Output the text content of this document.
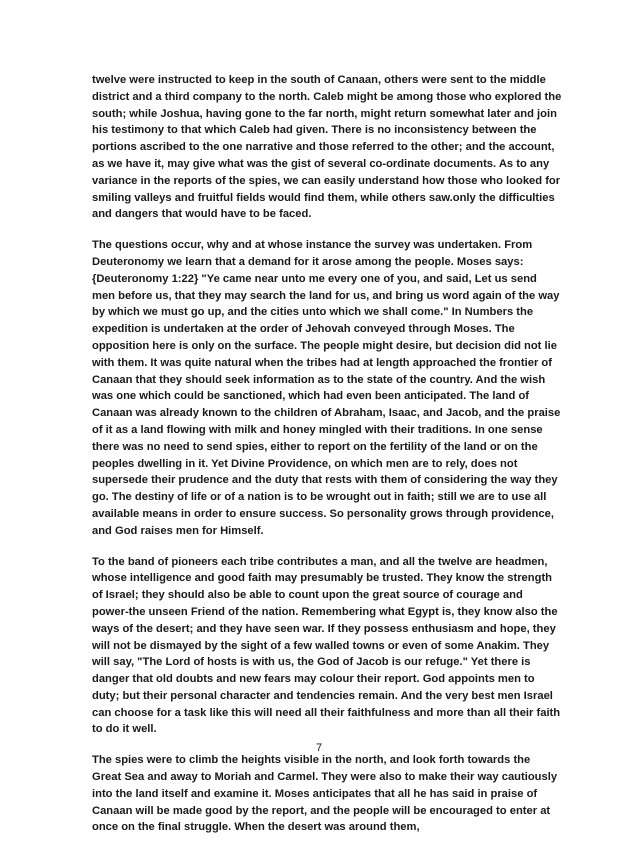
twelve were instructed to keep in the south of Canaan, others were sent to the middle district and a third company to the north. Caleb might be among those who explored the south; while Joshua, having gone to the far north, might return somewhat later and join his testimony to that which Caleb had given. There is no inconsistency between the portions ascribed to the one narrative and those referred to the other; and the account, as we have it, may give what was the gist of several co-ordinate documents. As to any variance in the reports of the spies, we can easily understand how those who looked for smiling valleys and fruitful fields would find them, while others saw.only the difficulties and dangers that would have to be faced.

The questions occur, why and at whose instance the survey was undertaken. From Deuteronomy we learn that a demand for it arose among the people. Moses says: {Deuteronomy 1:22} "Ye came near unto me every one of you, and said, Let us send men before us, that they may search the land for us, and bring us word again of the way by which we must go up, and the cities unto which we shall come." In Numbers the expedition is undertaken at the order of Jehovah conveyed through Moses. The opposition here is only on the surface. The people might desire, but decision did not lie with them. It was quite natural when the tribes had at length approached the frontier of Canaan that they should seek information as to the state of the country. And the wish was one which could be sanctioned, which had even been anticipated. The land of Canaan was already known to the children of Abraham, Isaac, and Jacob, and the praise of it as a land flowing with milk and honey mingled with their traditions. In one sense there was no need to send spies, either to report on the fertility of the land or on the peoples dwelling in it. Yet Divine Providence, on which men are to rely, does not supersede their prudence and the duty that rests with them of considering the way they go. The destiny of life or of a nation is to be wrought out in faith; still we are to use all available means in order to ensure success. So personality grows through providence, and God raises men for Himself.

To the band of pioneers each tribe contributes a man, and all the twelve are headmen, whose intelligence and good faith may presumably be trusted. They know the strength of Israel; they should also be able to count upon the great source of courage and power-the unseen Friend of the nation. Remembering what Egypt is, they know also the ways of the desert; and they have seen war. If they possess enthusiasm and hope, they will not be dismayed by the sight of a few walled towns or even of some Anakim. They will say, "The Lord of hosts is with us, the God of Jacob is our refuge." Yet there is danger that old doubts and new fears may colour their report. God appoints men to duty; but their personal character and tendencies remain. And the very best men Israel can choose for a task like this will need all their faithfulness and more than all their faith to do it well.

The spies were to climb the heights visible in the north, and look forth towards the Great Sea and away to Moriah and Carmel. They were also to make their way cautiously into the land itself and examine it. Moses anticipates that all he has said in praise of Canaan will be made good by the report, and the people will be encouraged to enter at once on the final struggle. When the desert was around them,

7
